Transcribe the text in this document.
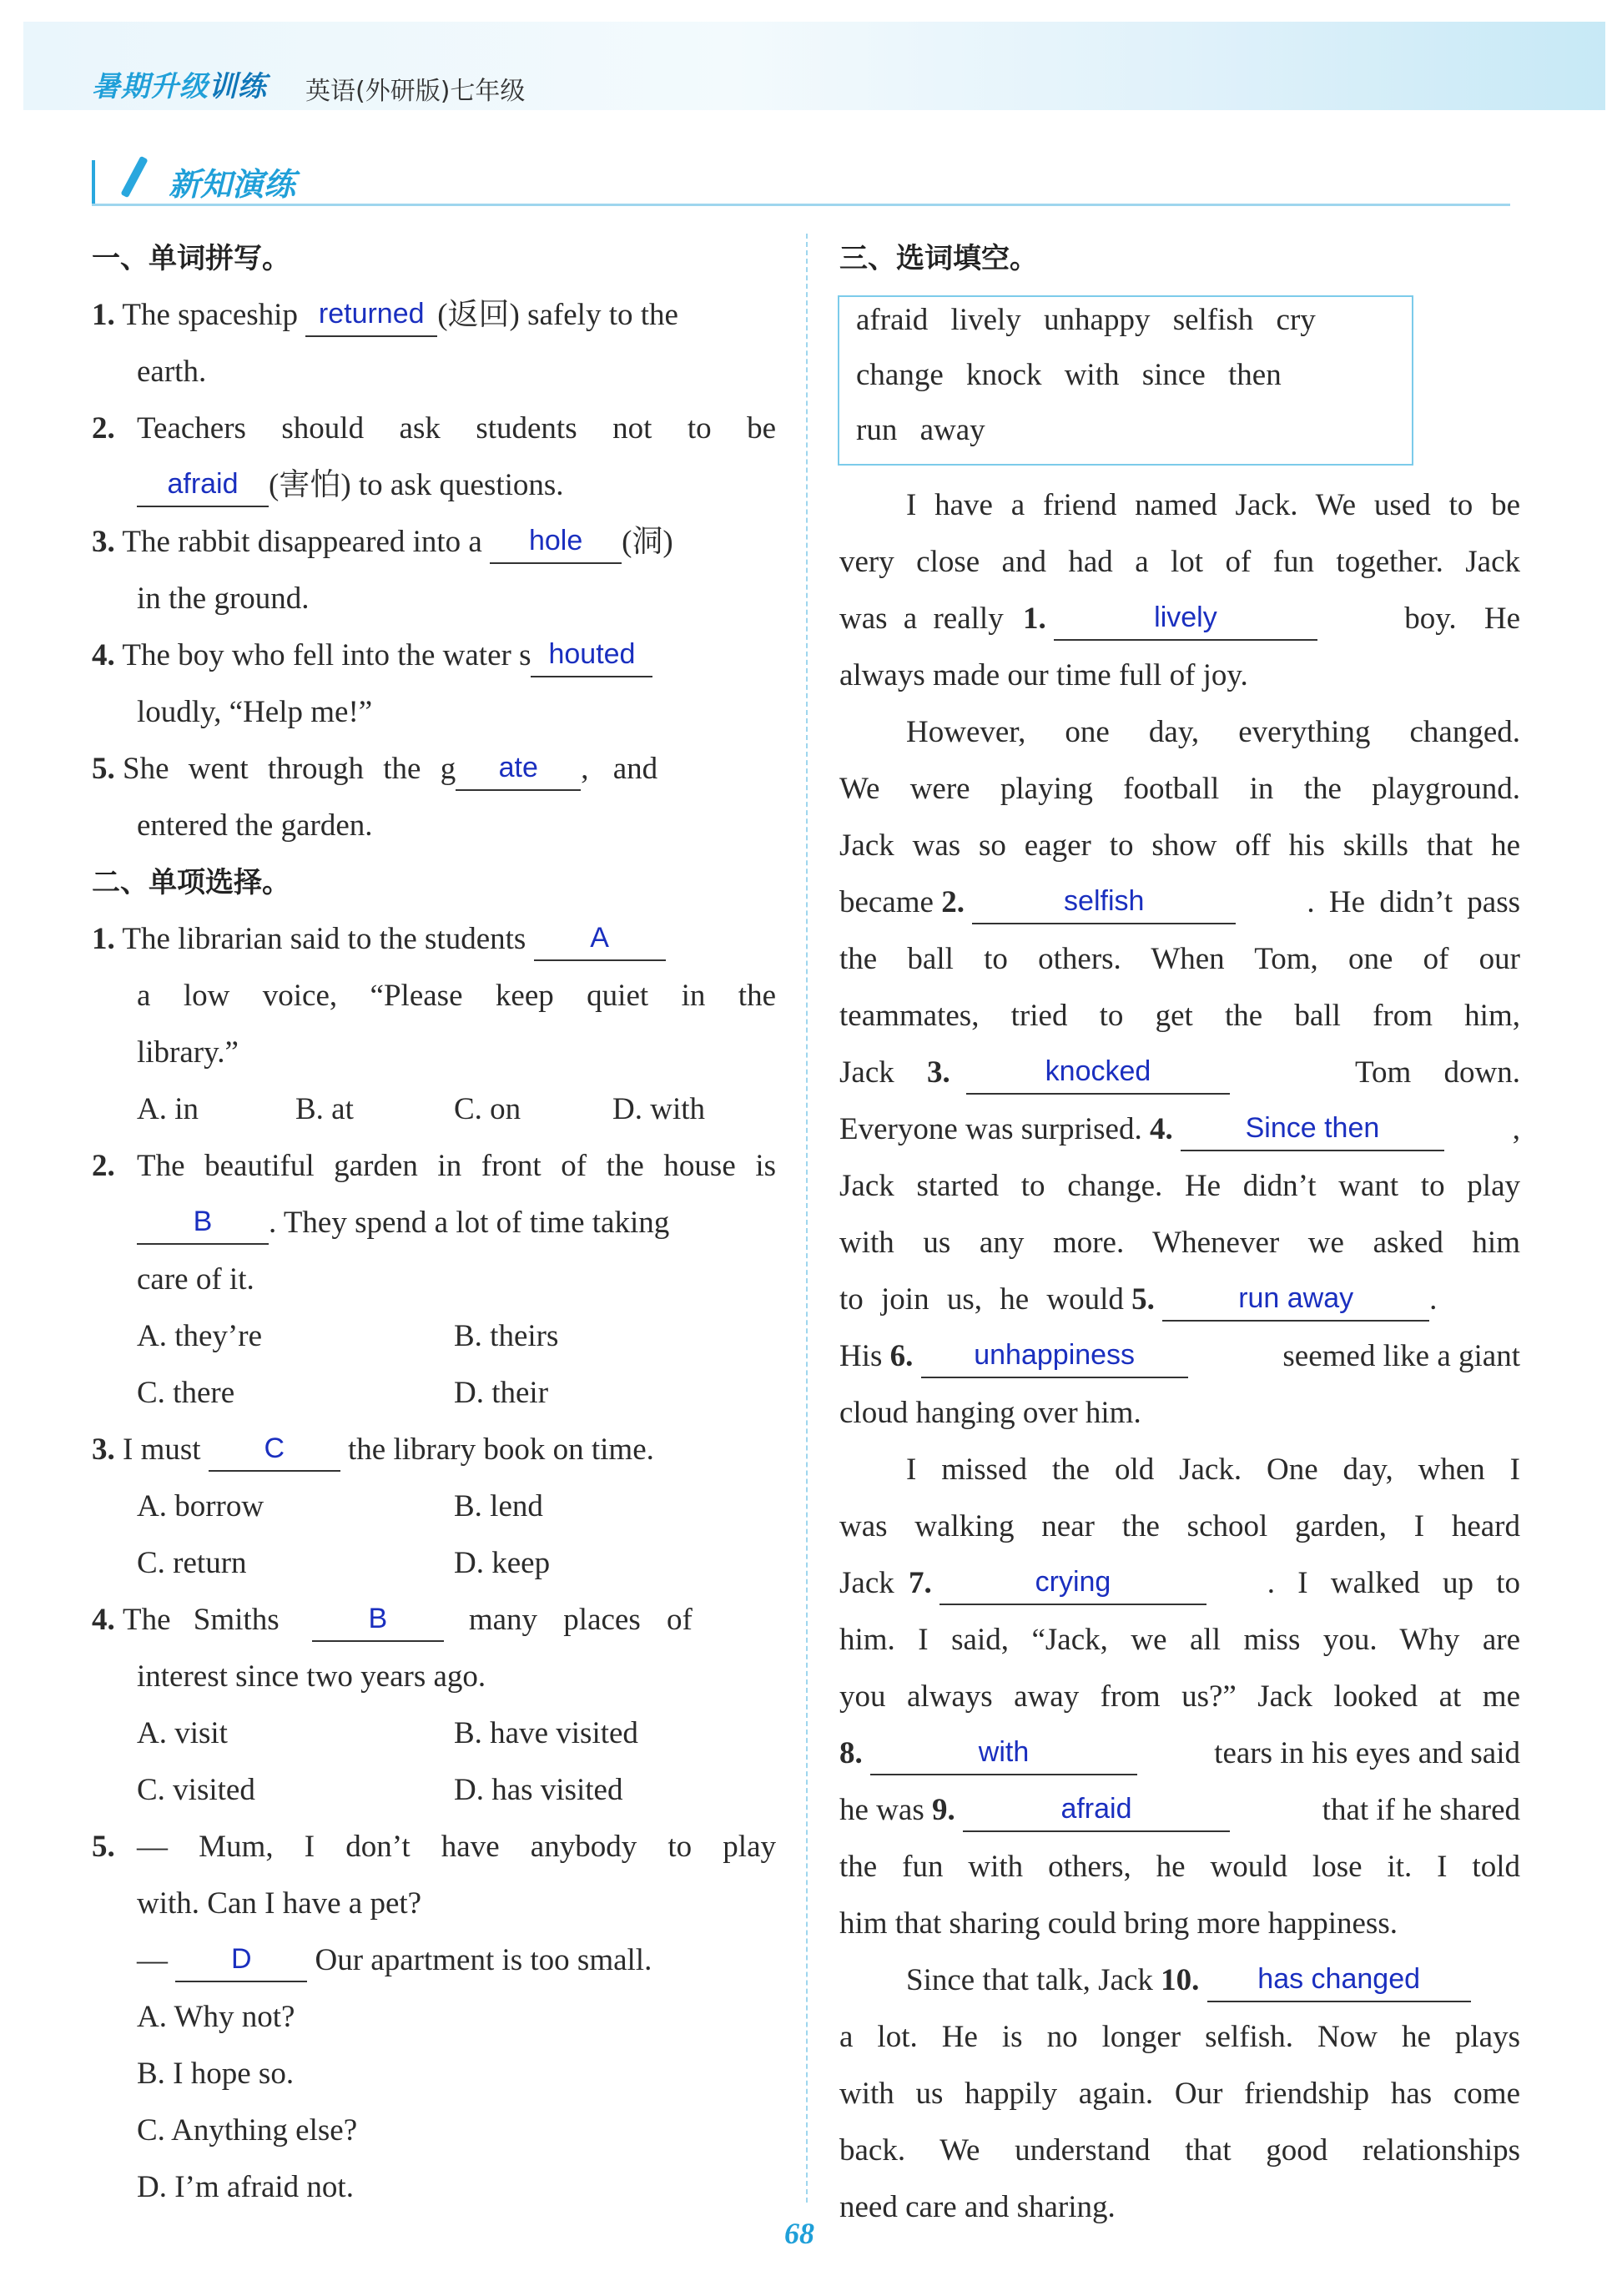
暑期升级训练 英语(外研版)七年级
新知演练
一、单词拼写。
1. The spaceship returned (返回) safely to the
earth.
2. Teachers should ask students not to be
afraid (害怕) to ask questions.
3. The rabbit disappeared into a hole (洞)
in the ground.
4. The boy who fell into the water s houted
loudly, “Help me!”
5. She went through the g ate , and
entered the garden.
二、单项选择。
1. The librarian said to the students A
a low voice, “Please keep quiet in the
library.”
A. in	B. at	C. on	D. with
2. The beautiful garden in front of the house is
B . They spend a lot of time taking
care of it.
A. they’re	B. theirs
C. there	D. their
3. I must C the library book on time.
A. borrow	B. lend
C. return	D. keep
4. The Smiths	B	many places of
interest since two years ago.
A. visit	B. have visited
C. visited	D. has visited
5. — Mum, I don’t have anybody to play
with. Can I have a pet?
— D Our apartment is too small.
A. Why not?
B. I hope so.
C. Anything else?
D. I’m afraid not.
三、选词填空。
afraid lively unhappy selfish cry
change knock with since then
run away
I have a friend named Jack. We used to be
very close and had a lot of fun together. Jack
was a really 1.	lively	boy. He
always made our time full of joy.
However, one day, everything changed.
We were playing football in the playground.
Jack was so eager to show off his skills that he
became 2.	selfish	. He didn’t pass
the ball to others. When Tom, one of our
teammates, tried to get the ball from him,
Jack 3.	knocked	Tom down.
Everyone was surprised. 4.	Since then	,
Jack started to change. He didn’t want to play
with us any more. Whenever we asked him
to join us, he would 5.	run away .
His 6. unhappiness	seemed like a giant
cloud hanging over him.
I missed the old Jack. One day, when I
was walking near the school garden, I heard
Jack 7.	crying	. I walked up to
him. I said, “Jack, we all miss you. Why are
you always away from us?” Jack looked at me
8.	with	tears in his eyes and said
he was 9.	afraid	that if he shared
the fun with others, he would lose it. I told
him that sharing could bring more happiness.
Since that talk, Jack 10. has changed
a lot. He is no longer selfish. Now he plays
with us happily again. Our friendship has come
back. We understand that good relationships
need care and sharing.
68
